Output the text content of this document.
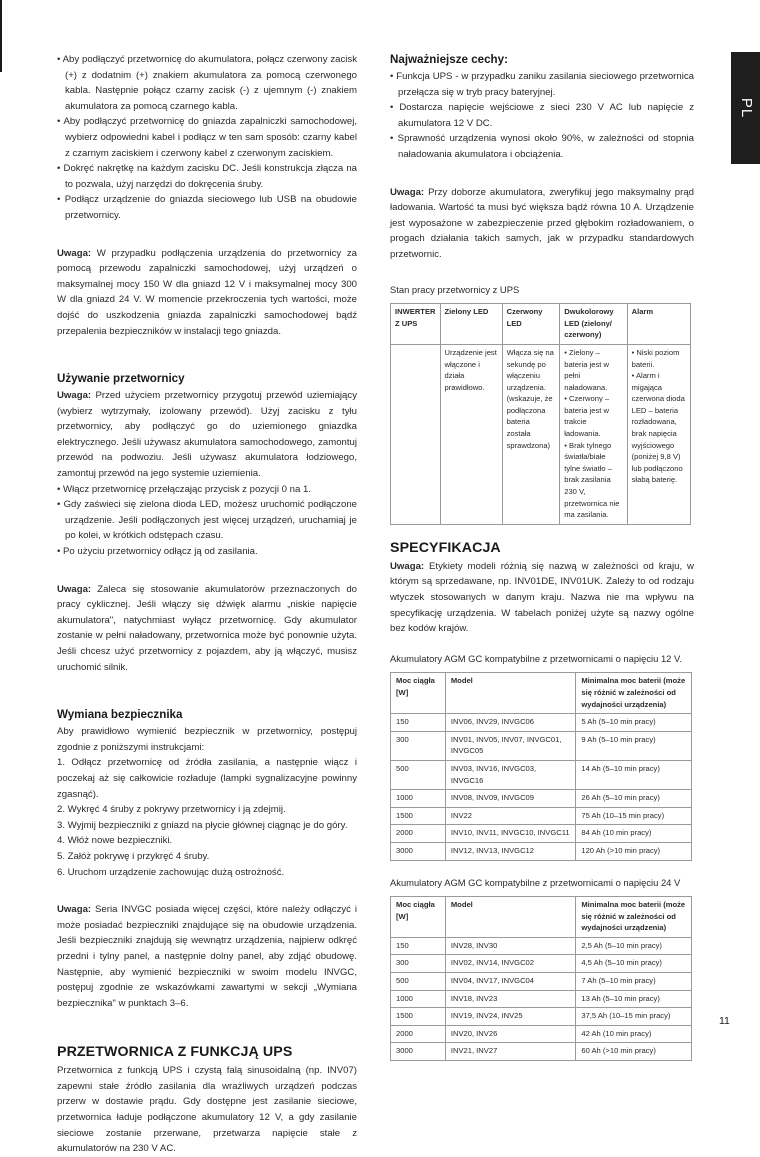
• Aby podłączyć przetwornicę do akumulatora, połącz czerwony zacisk (+) z dodatnim (+) znakiem akumulatora za pomocą czerwonego kabla. Następnie połącz czarny zacisk (-) z ujemnym (-) znakiem akumulatora za pomocą czarnego kabla.
• Aby podłączyć przetwornicę do gniazda zapalniczki samochodowej, wybierz odpowiedni kabel i podłącz w ten sam sposób: czarny kabel z czarnym zaciskiem i czerwony kabel z czerwonym zaciskiem.
• Dokręć nakrętkę na każdym zacisku DC. Jeśli konstrukcja złącza na to pozwala, użyj narzędzi do dokręcenia śruby.
• Podłącz urządzenie do gniazda sieciowego lub USB na obudowie przetwornicy.

Uwaga: W przypadku podłączenia urządzenia do przetwornicy za pomocą przewodu zapalniczki samochodowej, użyj urządzeń o maksymalnej mocy 150 W dla gniazd 12 V i maksymalnej mocy 300 W dla gniazd 24 V. W momencie przekroczenia tych wartości, może dojść do uszkodzenia gniazda zapalniczki samochodowej bądź przepalenia bezpieczników w instalacji tego gniazda.

Używanie przetwornicy

Uwaga: Przed użyciem przetwornicy przygotuj przewód uziemiający (wybierz wytrzymały, izolowany przewód). Użyj zacisku z tyłu przetwornicy, aby podłączyć go do uziemionego gniazdka elektrycznego. Jeśli używasz akumulatora samochodowego, zamontuj przewód na podwoziu. Jeśli używasz akumulatora łodziowego, zamontuj przewód na jego systemie uziemienia.

• Włącz przetwornicę przełączając przycisk z pozycji 0 na 1.
• Gdy zaświeci się zielona dioda LED, możesz uruchomić podłączone urządzenie. Jeśli podłączonych jest więcej urządzeń, uruchamiaj je po kolei, w krótkich odstępach czasu.
• Po użyciu przetwornicy odłącz ją od zasilania.

Uwaga: Zaleca się stosowanie akumulatorów przeznaczonych do pracy cyklicznej. Jeśli włączy się dźwięk alarmu „niskie napięcie akumulatora", natychmiast wyłącz przetwornicę. Gdy akumulator zostanie w pełni naładowany, przetwornica może być ponownie użyta. Jeśli chcesz użyć przetwornicy z pojazdem, aby ją włączyć, musisz uruchomić silnik.

Wymiana bezpiecznika

Aby prawidłowo wymienić bezpiecznik w przetwornicy, postępuj zgodnie z poniższymi instrukcjami:

1. Odłącz przetwornicę od źródła zasilania, a następnie wiącz i poczekaj aż się całkowicie rozładuje (lampki sygnalizacyjne powinny zgasnąć).

2. Wykręć 4 śruby z pokrywy przetwornicy i ją zdejmij.

3. Wyjmij bezpieczniki z gniazd na płycie głównej ciągnąc je do góry.

4. Włóż nowe bezpieczniki.

5. Załóż pokrywę i przykręć 4 śruby.

6. Uruchom urządzenie zachowując dużą ostrożność.

Uwaga: Seria INVGC posiada więcej części, które należy odłączyć i może posiadać bezpieczniki znajdujące się na obudowie urządzenia. Jeśli bezpieczniki znajdują się wewnątrz urządzenia, najpierw odkręć przedni i tylny panel, a następnie dolny panel, aby zdjąć obudowę. Następnie, aby wymienić bezpieczniki w swoim modelu INVGC, postępuj zgodnie ze wskazówkami zawartymi w sekcji „Wymiana bezpiecznika" w punktach 3–6.

PRZETWORNICA Z FUNKCJĄ UPS

Przetwornica z funkcją UPS i czystą falą sinusoidalną (np. INV07) zapewni stałe źródło zasilania dla wrażliwych urządzeń podczas przerw w dostawie prądu. Gdy dostępne jest zasilanie sieciowe, przetwornica ładuje podłączone akumulatory 12 V, a gdy zasilanie sieciowe zostanie przerwane, przetwarza napięcie stałe z akumulatorów na 230 V AC.

Najważniejsze cechy:
• Funkcja UPS - w przypadku zaniku zasilania sieciowego przetwornica przełącza się w tryb pracy bateryjnej.
• Dostarcza napięcie wejściowe z sieci 230 V AC lub napięcie z akumulatora 12 V DC.
• Sprawność urządzenia wynosi około 90%, w zależności od stopnia naładowania akumulatora i obciążenia.

Uwaga: Przy doborze akumulatora, zweryfikuj jego maksymalny prąd ładowania. Wartość ta musi być większa bądź równa 10 A. Urządzenie jest wyposażone w zabezpieczenie przed głębokim rozładowaniem, o progach działania takich samych, jak w przypadku standardowych przetwornic.

Stan pracy przetwornicy z UPS

INWERTER Z UPS	Zielony LED	Czerwony LED	Dwukolorowy LED (zielony/ czerwony)	Alarm
	Urządzenie jest włączone i działa prawidłowo.	Włącza się na sekundę po włączeniu urządzenia. (wskazuje, że podłączona bateria została sprawdzona)	• Zielony – bateria jest w pełni naładowana.
• Czerwony – bateria jest w trakcie ładowania.
• Brak tylnego światła/białe tylne światło – brak zasilania 230 V, przetwornica nie ma zasilania.	• Niski poziom baterii.
• Alarm i migająca czerwona dioda LED – bateria rozładowana, brak napięcia wyjściowego (poniżej 9,8 V) lub podłączono słabą baterię.
SPECYFIKACJA

Uwaga: Etykiety modeli różnią się nazwą w zależności od kraju, w którym są sprzedawane, np. INV01DE, INV01UK. Zależy to od rodzaju wtyczek stosowanych w danym kraju. Nazwa nie ma wpływu na specyfikację urządzenia. W tabelach poniżej użyte są nazwy ogólne bez kodów krajów.

Akumulatory AGM GC kompatybilne z przetwornicami o napięciu 12 V.

Moc ciągła [W]	Model	Minimalna moc baterii (może się różnić w zależności od wydajności urządzenia)
150	INV06, INV29, INVGC06	5 Ah (5–10 min pracy)
300	INV01, INV05, INV07, INVGC01, INVGC05	9 Ah (5–10 min pracy)
500	INV03, INV16, INVGC03, INVGC16	14 Ah (5–10 min pracy)
1000	INV08, INV09, INVGC09	26 Ah (5–10 min pracy)
1500	INV22	75 Ah (10–15 min pracy)
2000	INV10, INV11, INVGC10, INVGC11	84 Ah (10 min pracy)
3000	INV12, INV13, INVGC12	120 Ah (>10 min pracy)

Akumulatory AGM GC kompatybilne z przetwornicami o napięciu 24 V

Moc ciągła [W]	Model	Minimalna moc baterii (może się różnić w zależności od wydajności urządzenia)
150	INV28, INV30	2,5 Ah (5–10 min pracy)
300	INV02, INV14, INVGC02	4,5 Ah (5–10 min pracy)
500	INV04, INV17, INVGC04	7 Ah (5–10 min pracy)
1000	INV18, INV23	13 Ah (5–10 min pracy)
1500	INV19, INV24, INV25	37,5 Ah (10–15 min pracy)
2000	INV20, INV26	42 Ah (10 min pracy)
3000	INV21, INV27	60 Ah (>10 min pracy)
PL
11
